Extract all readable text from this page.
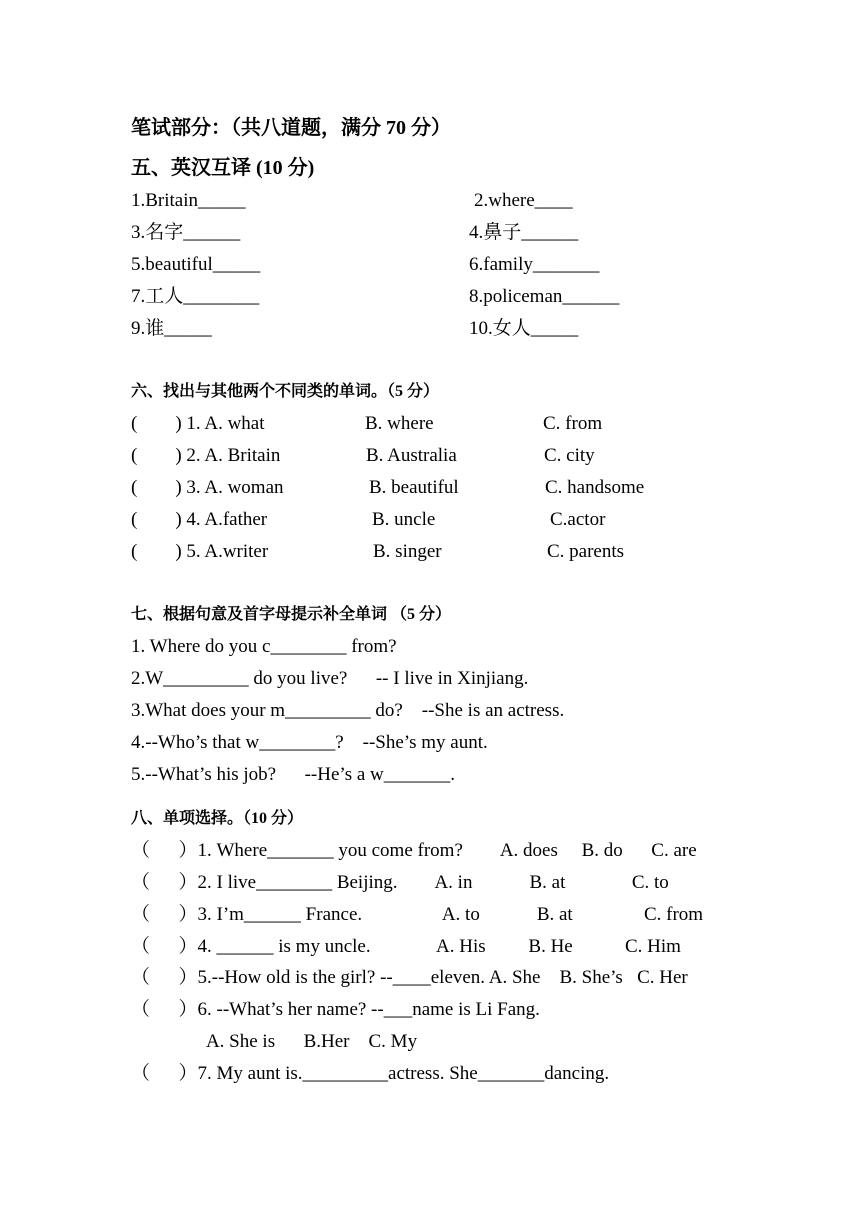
笔试部分：（共八道题，满分 70 分）
五、英汉互译 (10 分)
1.Britain_____	2.where____
3.名字______	4.鼻子______
5.beautiful_____	6.family_______
7.工人________	8.policeman______
9.谁_____	10.女人_____
六、找出与其他两个不同类的单词。（5 分）
(        ) 1. A. what	B. where	C. from
(        ) 2. A. Britain	B. Australia	C. city
(        ) 3. A. woman	B. beautiful	C. handsome
(        ) 4. A.father	B. uncle	C.actor
(        ) 5. A.writer	B. singer	C. parents
七、根据句意及首字母提示补全单词 （5 分）
1. Where do you c________ from?
2.W_________ do you live?      -- I live in Xinjiang.
3.What does your m_________ do?    --She is an actress.
4.--Who’s that w________?    --She’s my aunt.
5.--What’s his job?      --He’s a w_______.
八、单项选择。（10 分）
（      ）1. Where_______ you come from?        A. does     B. do      C. are
（      ）2. I live________ Beijing.        A. in            B. at              C. to
（      ）3. I’m______ France.                 A. to            B. at               C. from
（      ）4. ______ is my uncle.              A. His         B. He           C. Him
（      ）5.--How old is the girl? --____eleven. A. She    B. She’s   C. Her
（      ）6. --What’s her name? --___name is Li Fang.
A. She is      B.Her    C. My
（      ）7. My aunt is._________actress. She_______dancing.
